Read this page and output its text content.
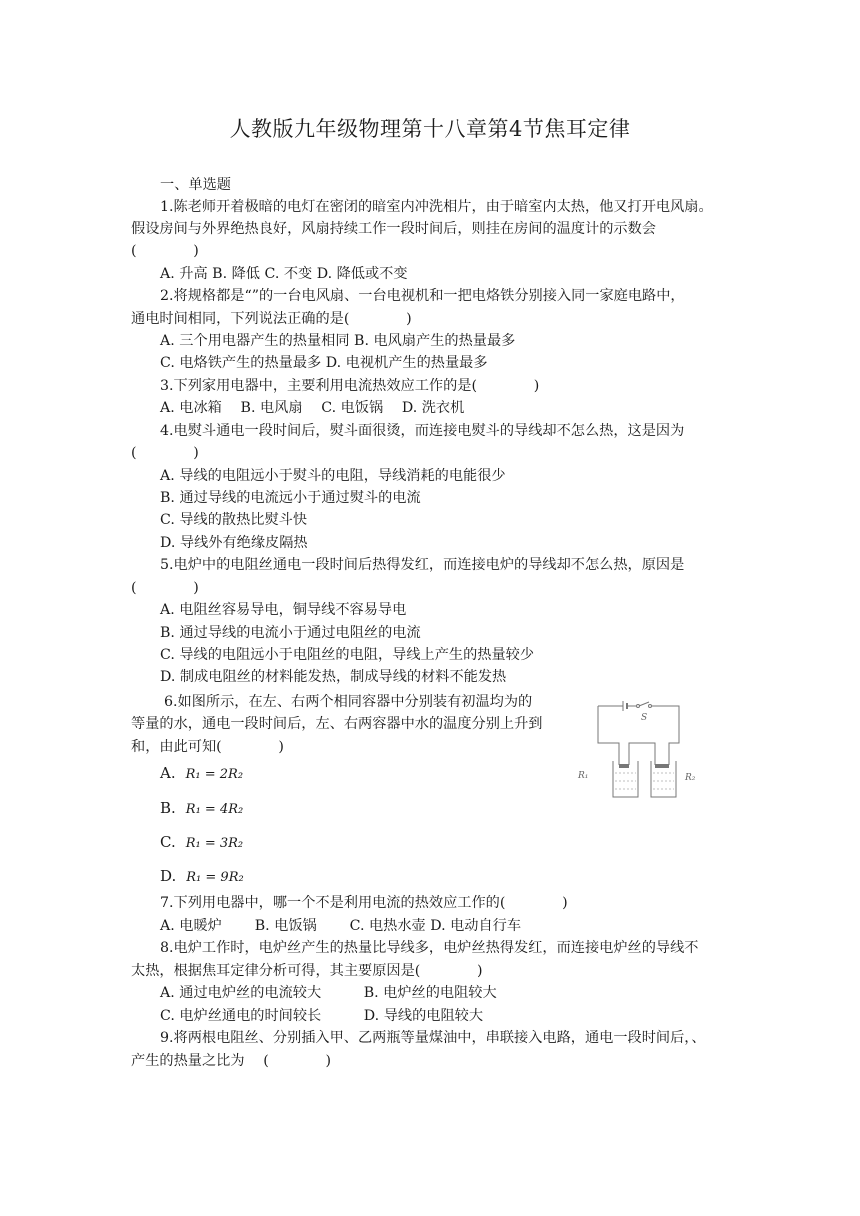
人教版九年级物理第十八章第4节焦耳定律
一、单选题
1.陈老师开着极暗的电灯在密闭的暗室内冲洗相片，由于暗室内太热，他又打开电风扇。
假设房间与外界绝热良好，风扇持续工作一段时间后，则挂在房间的温度计的示数会
(　　　　)
A. 升高 B. 降低 C. 不变 D. 降低或不变
2.将规格都是“”的一台电风扇、一台电视机和一把电烙铁分别接入同一家庭电路中，
通电时间相同，下列说法正确的是(　　　　)
A. 三个用电器产生的热量相同 B. 电风扇产生的热量最多
C. 电烙铁产生的热量最多 D. 电视机产生的热量最多
3.下列家用电器中，主要利用电流热效应工作的是(　　　　)
A. 电冰箱　 B. 电风扇　 C. 电饭锅　 D. 洗衣机
4.电熨斗通电一段时间后，熨斗面很烫，而连接电熨斗的导线却不怎么热，这是因为
(　　　　)
A. 导线的电阻远小于熨斗的电阻，导线消耗的电能很少
B. 通过导线的电流远小于通过熨斗的电流
C. 导线的散热比熨斗快
D. 导线外有绝缘皮隔热
5.电炉中的电阻丝通电一段时间后热得发红，而连接电炉的导线却不怎么热，原因是
(　　　　)
A. 电阻丝容易导电，铜导线不容易导电
B. 通过导线的电流小于通过电阻丝的电流
C. 导线的电阻远小于电阻丝的电阻，导线上产生的热量较少
D. 制成电阻丝的材料能发热，制成导线的材料不能发热
6.如图所示，在左、右两个相同容器中分别装有初温均为的
等量的水，通电一段时间后，左、右两容器中水的温度分别上升到
和，由此可知(　　　　)
A. R₁ = 2R₂
B. R₁ = 4R₂
C. R₁ = 3R₂
D. R₁ = 9R₂
S
R₁	R₂
7.下列用电器中，哪一个不是利用电流的热效应工作的(　　　　)
A. 电暖炉　　 B. 电饭锅　　 C. 电热水壶 D. 电动自行车
8.电炉工作时，电炉丝产生的热量比导线多，电炉丝热得发红，而连接电炉丝的导线不
太热，根据焦耳定律分析可得，其主要原因是(　　　　)
A. 通过电炉丝的电流较大　　　B. 电炉丝的电阻较大
C. 电炉丝通电的时间较长　　　D. 导线的电阻较大
9.将两根电阻丝、分别插入甲、乙两瓶等量煤油中，串联接入电路，通电一段时间后，、
产生的热量之比为　 (　　　　)
